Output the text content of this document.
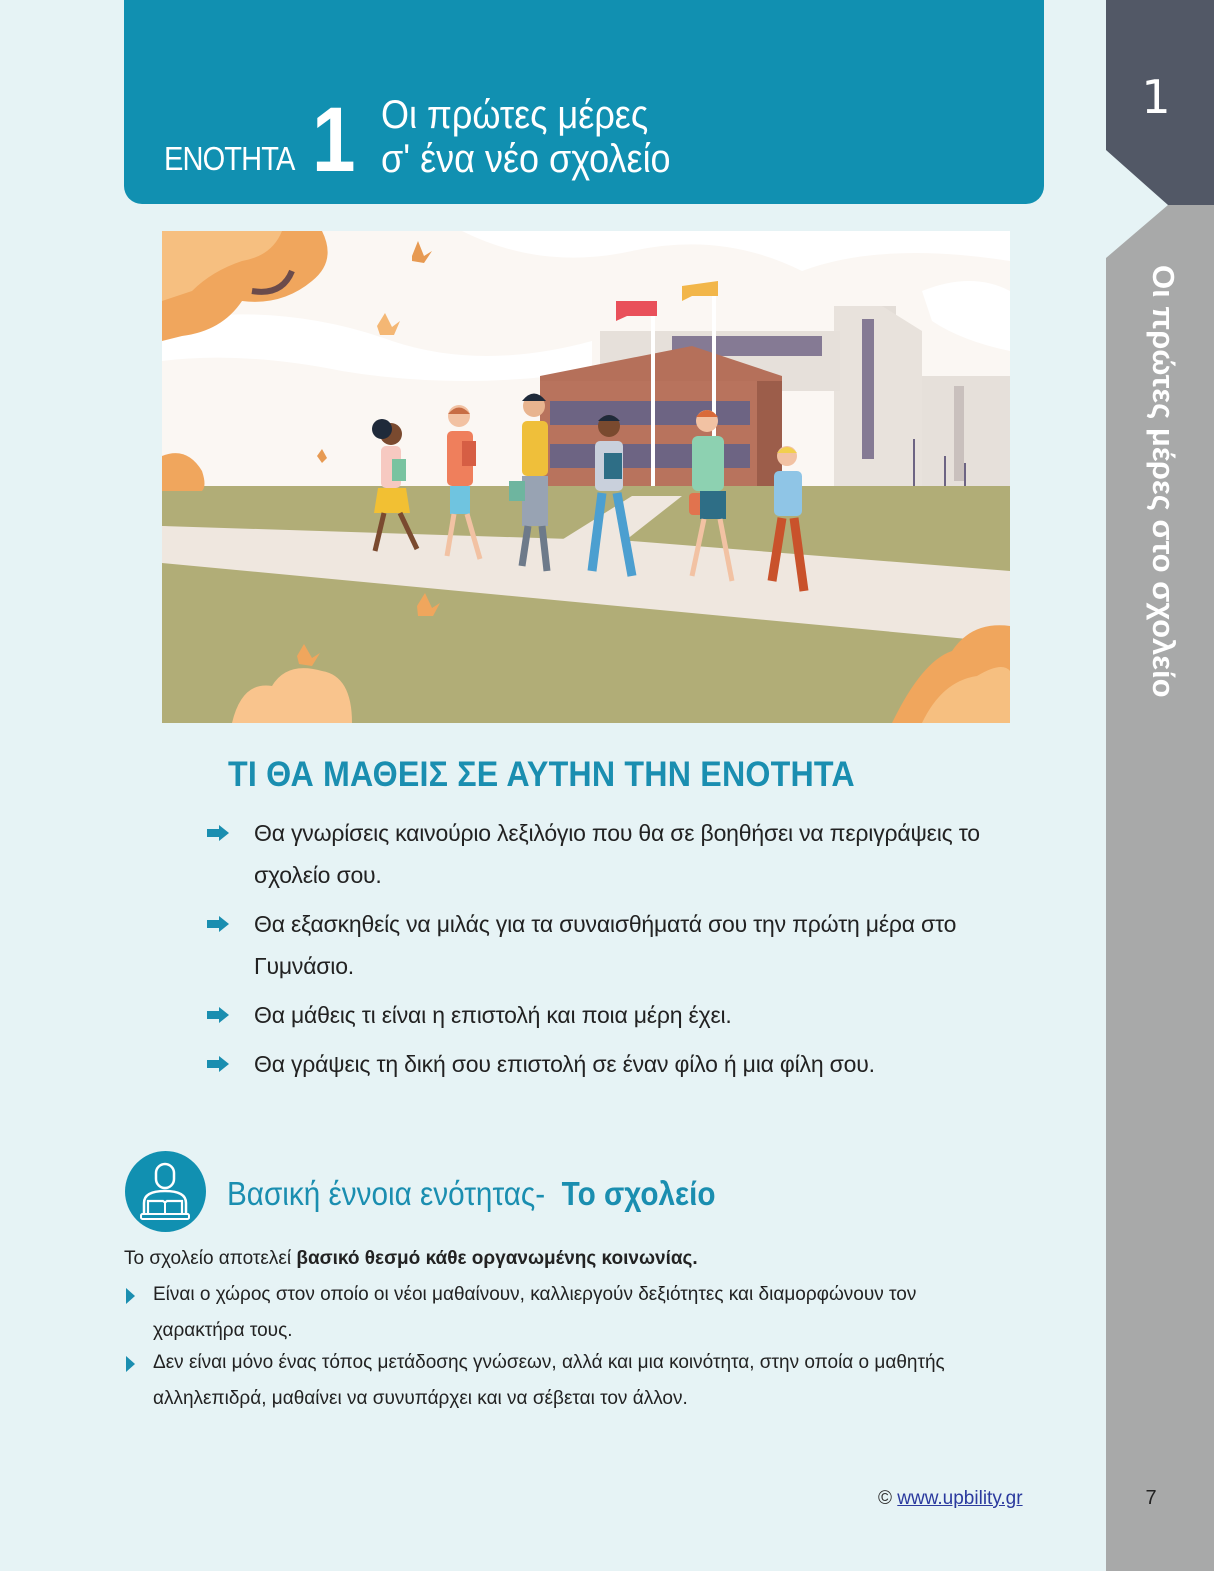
ΕΝΟΤΗΤΑ 1 Οι πρώτες μέρες
σ' ένα νέο σχολείο
1
Οι πρώτες μέρες στο σχολείο
7
ΤΙ ΘΑ ΜΑΘΕΙΣ ΣΕ ΑΥΤΗΝ ΤΗΝ ΕΝΟΤΗΤΑ
Θα γνωρίσεις καινούριο λεξιλόγιο που θα σε βοηθήσει να περιγράψεις το σχολείο σου.
Θα εξασκηθείς να μιλάς για τα συναισθήματά σου την πρώτη μέρα στο Γυμνάσιο.
Θα μάθεις τι είναι η επιστολή και ποια μέρη έχει.
Θα γράψεις τη δική σου επιστολή σε έναν φίλο ή μια φίλη σου.
Βασική έννοια ενότητας- Το σχολείο

Το σχολείο αποτελεί βασικό θεσμό κάθε οργανωμένης κοινωνίας.

Είναι ο χώρος στον οποίο οι νέοι μαθαίνουν, καλλιεργούν δεξιότητες και διαμορφώνουν τον χαρακτήρα τους.
Δεν είναι μόνο ένας τόπος μετάδοσης γνώσεων, αλλά και μια κοινότητα, στην οποία ο μαθητής αλληλεπιδρά, μαθαίνει να συνυπάρχει και να σέβεται τον άλλον.
© www.upbility.gr
